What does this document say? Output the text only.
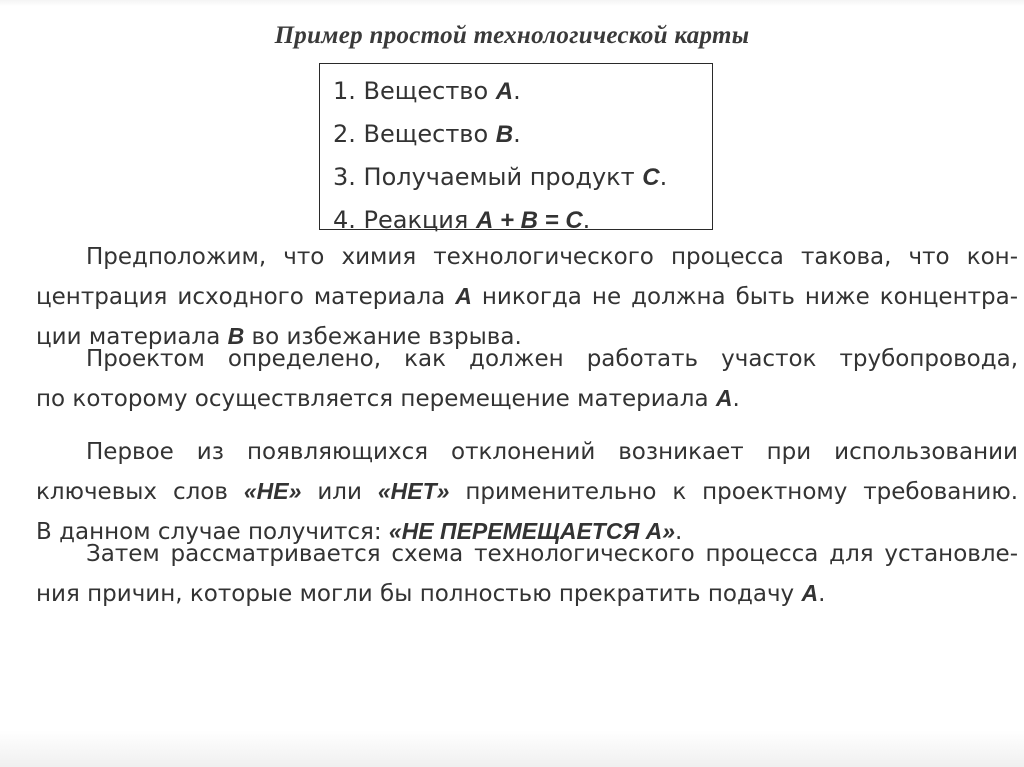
Пример простой технологической карты
1. Вещество А.
2. Вещество В.
3. Получаемый продукт С.
4. Реакция А + В = С.
Предположим, что химия технологического процесса такова, что кон-
центрация исходного материала А никогда не должна быть ниже концентра-
ции материала В во избежание взрыва.
Проектом определено, как должен работать участок трубопровода,
по которому осуществляется перемещение материала А.
Первое из появляющихся отклонений возникает при использовании
ключевых слов «НЕ» или «НЕТ» применительно к проектному требованию.
В данном случае получится: «НЕ ПЕРЕМЕЩАЕТСЯ А».
Затем рассматривается схема технологического процесса для установле-
ния причин, которые могли бы полностью прекратить подачу А.
